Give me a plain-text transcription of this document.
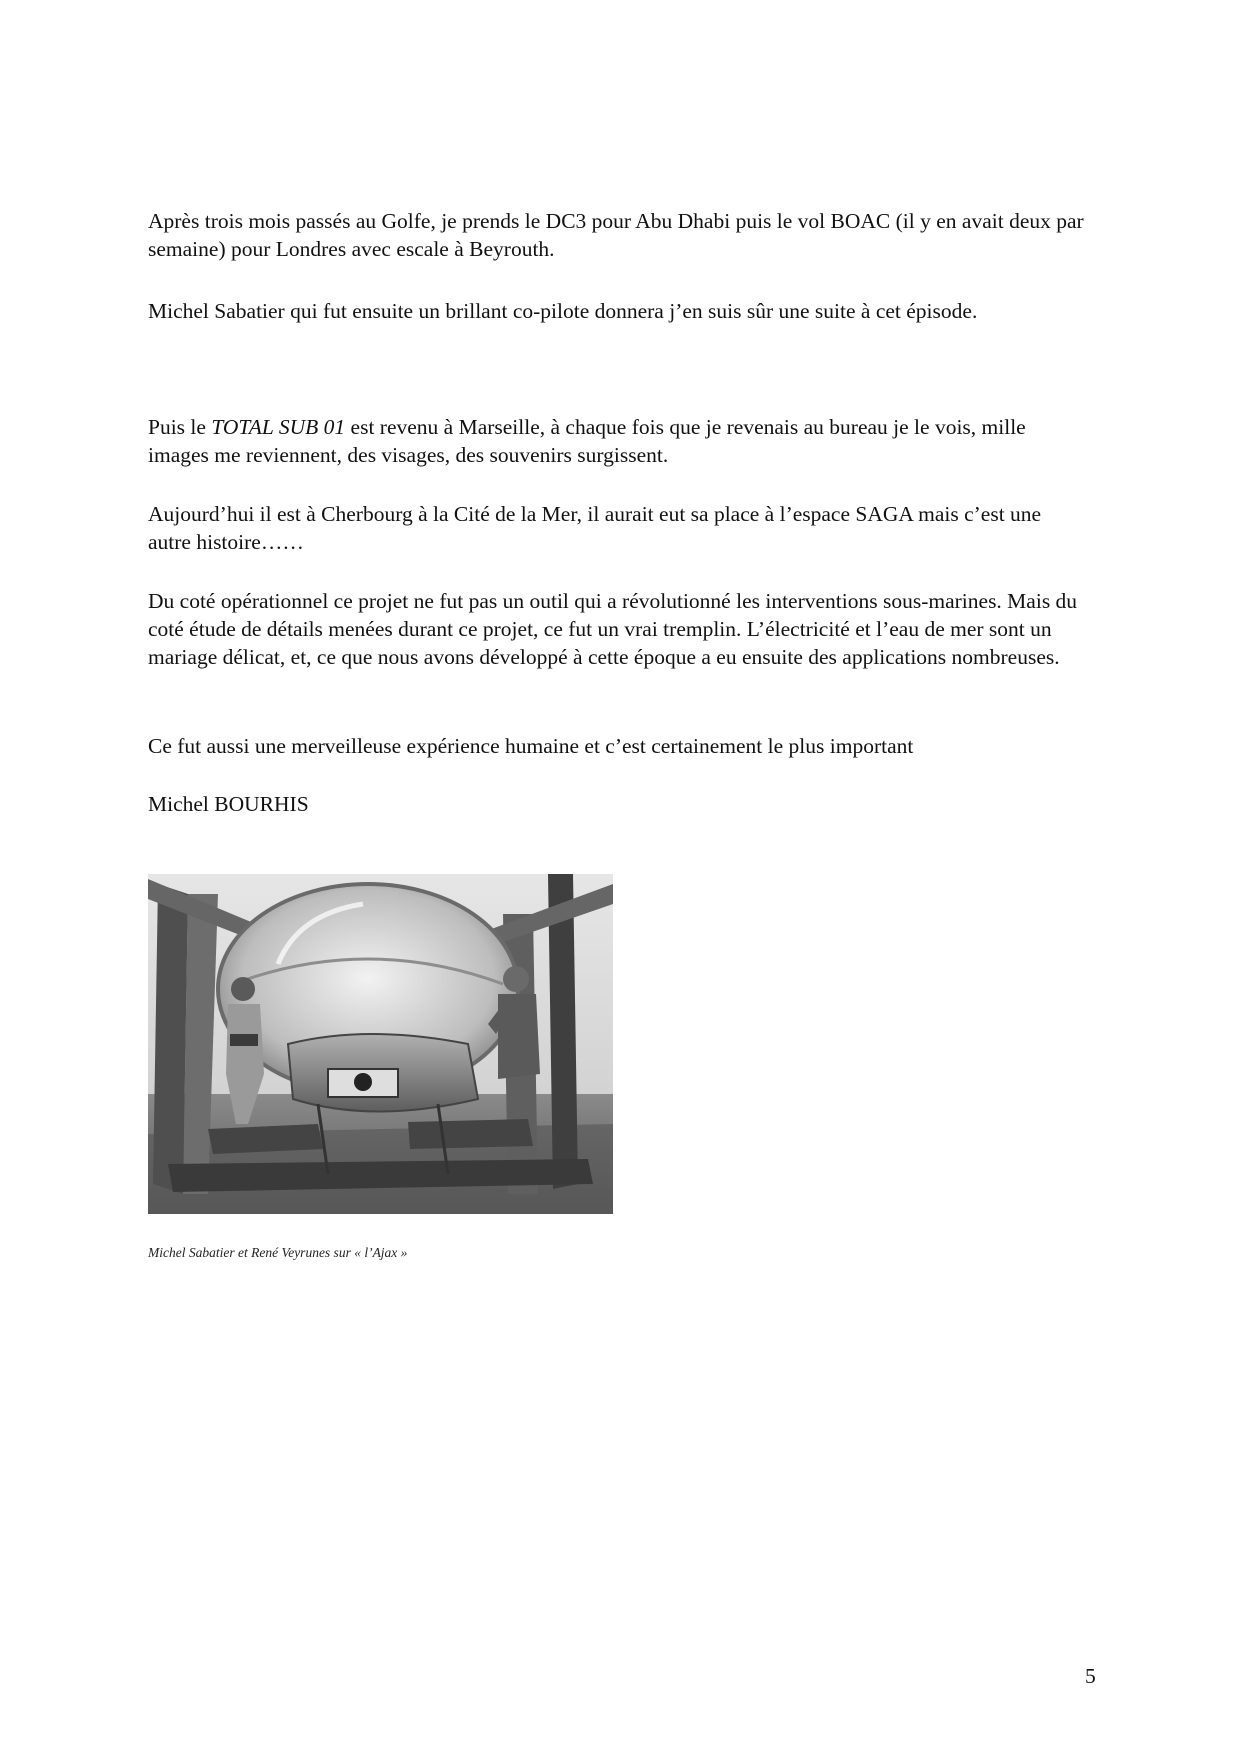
Après trois mois passés au Golfe, je prends le DC3 pour Abu Dhabi puis le vol BOAC (il y en avait deux par semaine) pour Londres avec escale à Beyrouth.

Michel Sabatier qui fut ensuite un brillant co-pilote donnera j’en suis sûr une suite à cet épisode.

Puis le TOTAL SUB 01 est revenu à Marseille, à chaque fois que je revenais au bureau je le vois, mille images me reviennent, des visages, des souvenirs surgissent.

Aujourd’hui il est à Cherbourg à la Cité de la Mer, il aurait eut sa place à l’espace SAGA mais c’est une autre histoire……

Du coté opérationnel ce projet ne fut pas un outil qui a révolutionné les interventions sous-marines. Mais du coté étude de détails menées durant ce projet, ce fut un vrai tremplin. L’électricité et l’eau de mer sont un mariage délicat, et, ce que nous avons développé à cette époque a eu ensuite des applications nombreuses.

Ce fut aussi une merveilleuse expérience humaine et c’est certainement le plus important

Michel BOURHIS

Michel Sabatier et René Veyrunes sur « l’Ajax »
5
